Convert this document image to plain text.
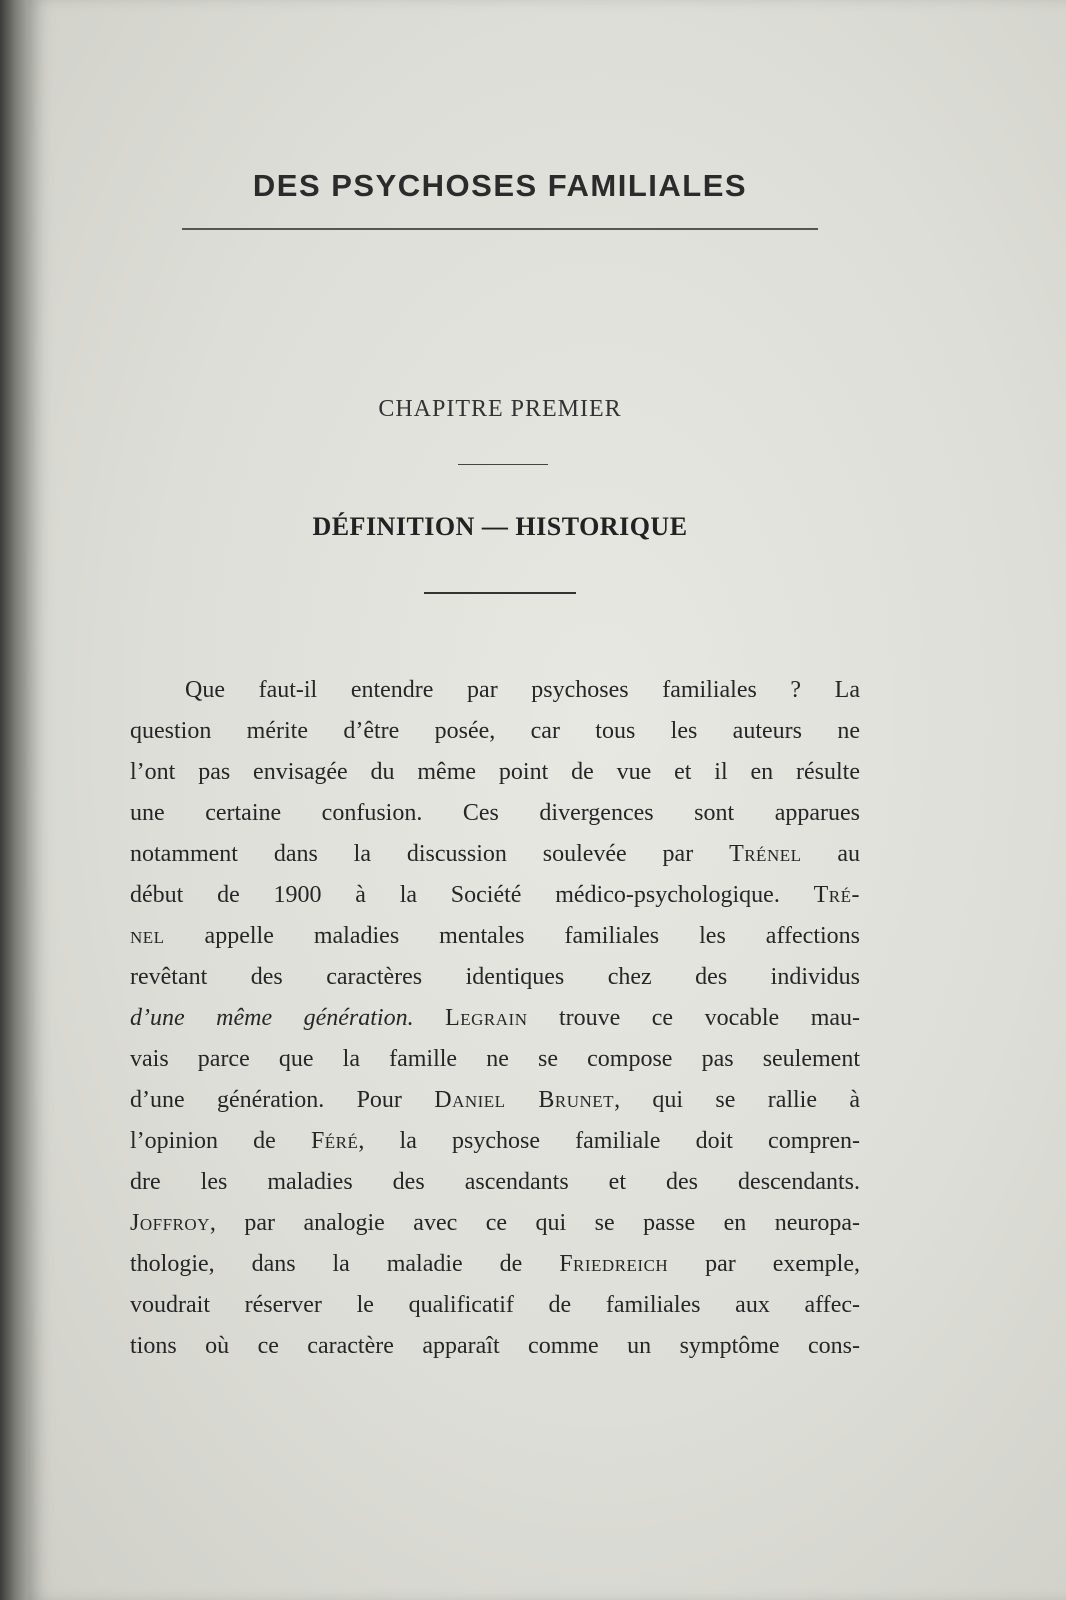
DES PSYCHOSES FAMILIALES
CHAPITRE PREMIER
DÉFINITION — HISTORIQUE
Que faut-il entendre par psychoses familiales ? La
question mérite d’être posée, car tous les auteurs ne
l’ont pas envisagée du même point de vue et il en résulte
une certaine confusion. Ces divergences sont apparues
notamment dans la discussion soulevée par Trénel au
début de 1900 à la Société médico-psychologique. Tré-
nel appelle maladies mentales familiales les affections
revêtant des caractères identiques chez des individus
d’une même génération. Legrain trouve ce vocable mau-
vais parce que la famille ne se compose pas seulement
d’une génération. Pour Daniel Brunet, qui se rallie à
l’opinion de Féré, la psychose familiale doit compren-
dre les maladies des ascendants et des descendants.
Joffroy, par analogie avec ce qui se passe en neuropa-
thologie, dans la maladie de Friedreich par exemple,
voudrait réserver le qualificatif de familiales aux affec-
tions où ce caractère apparaît comme un symptôme cons-
